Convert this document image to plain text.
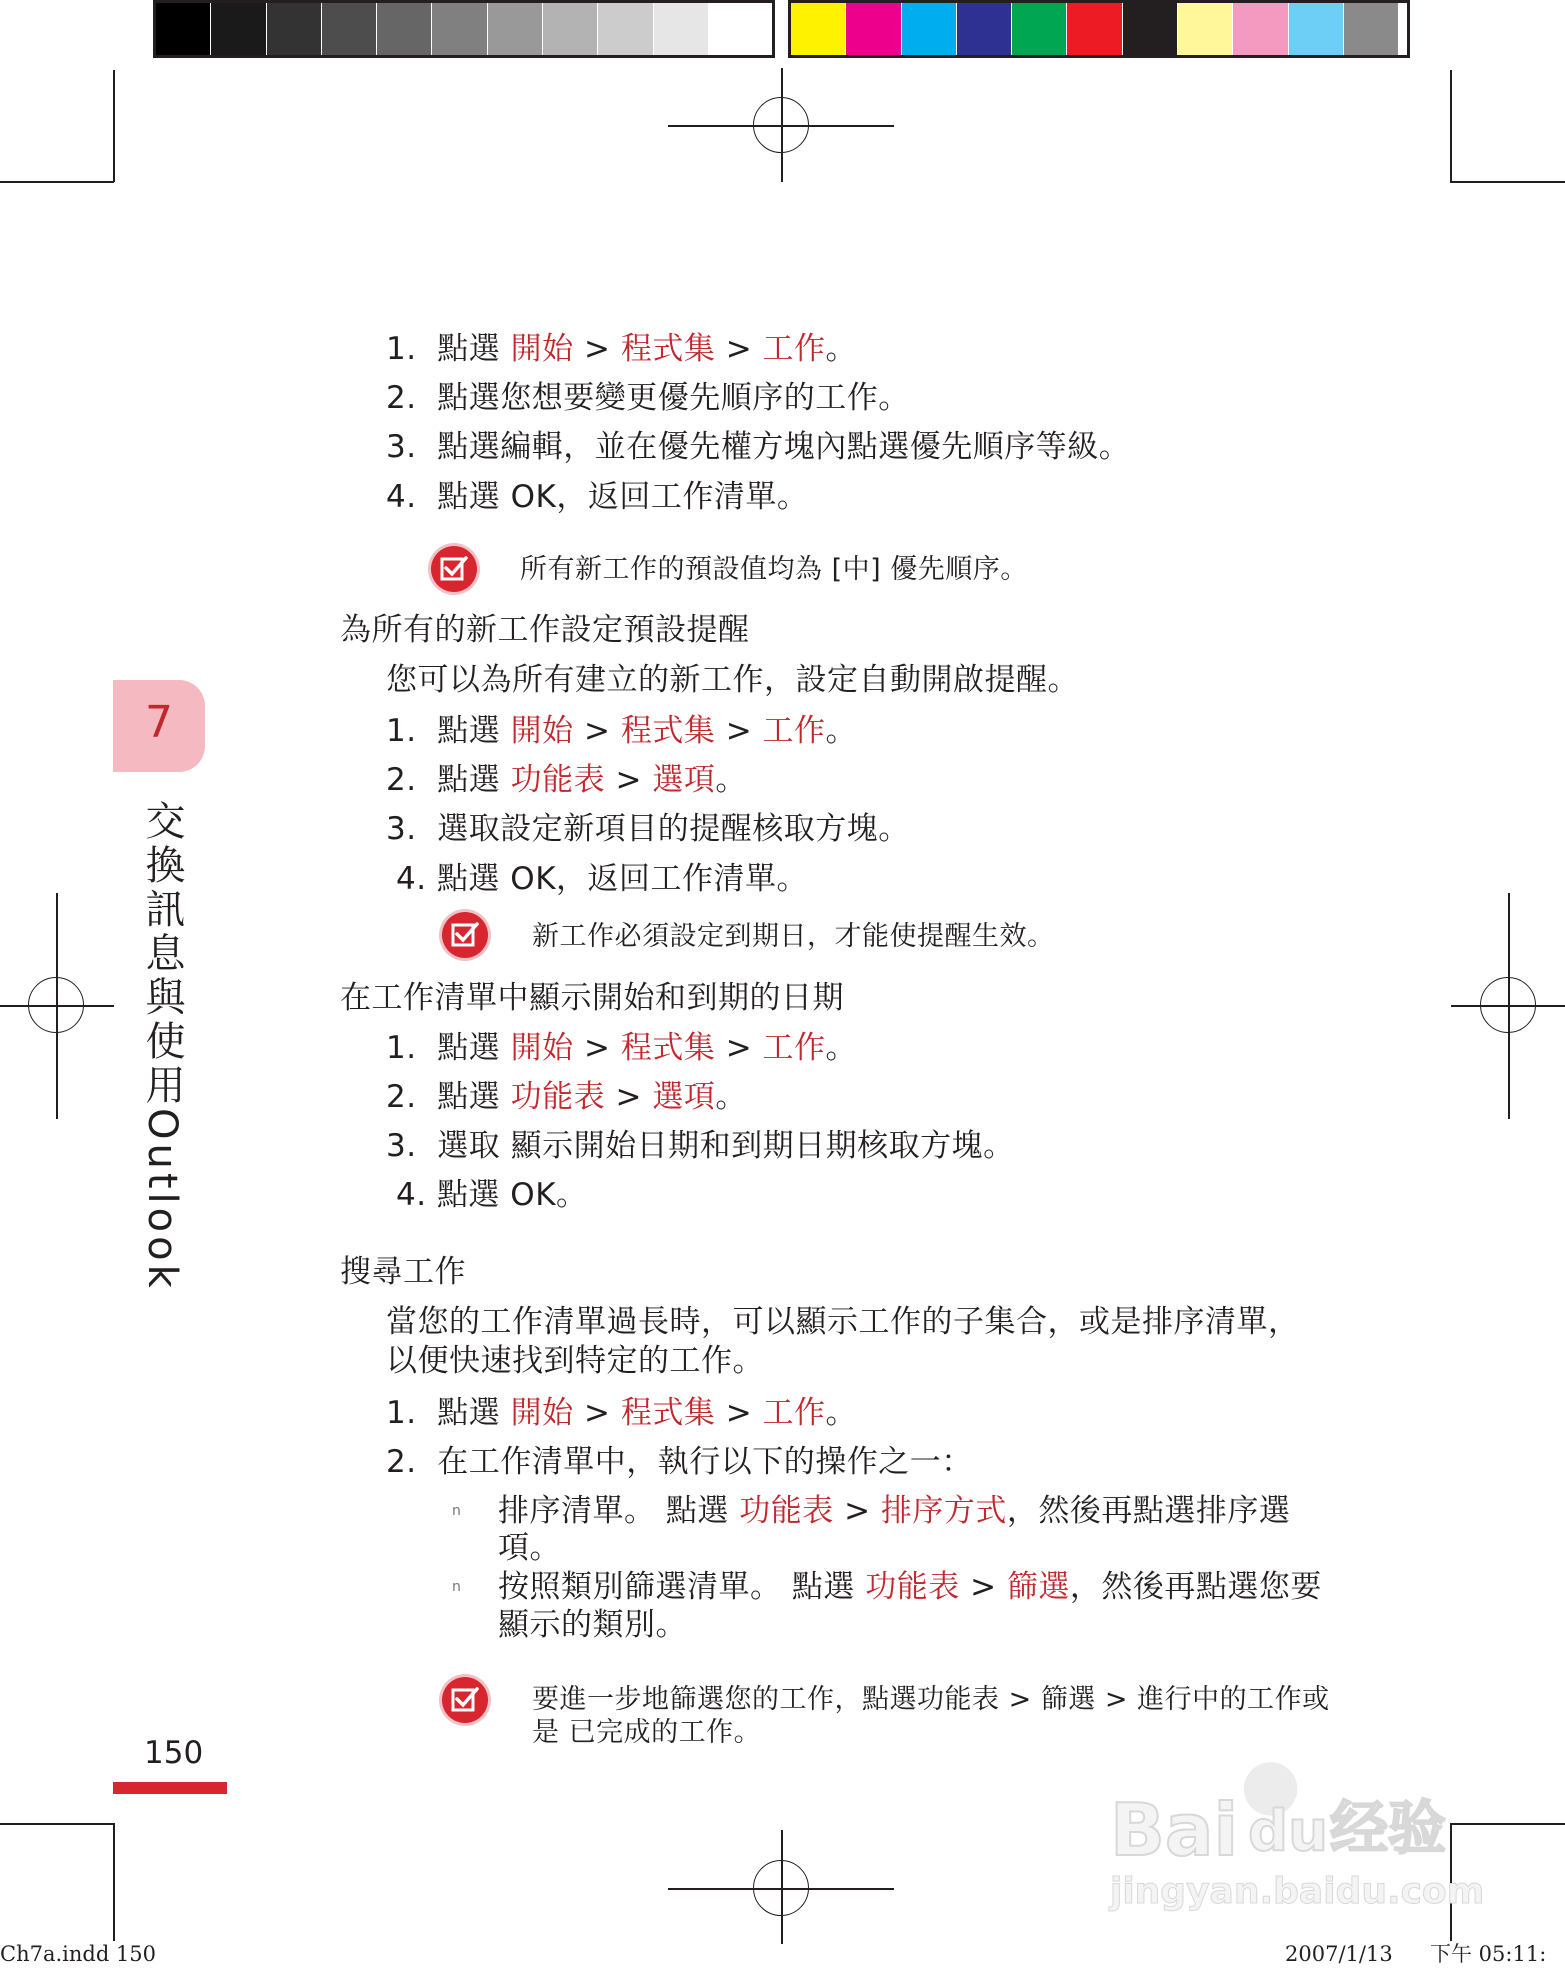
7
交換訊息與使用Outlook
1. 點選 開始 > 程式集 > 工作。
2. 點選您想要變更優先順序的工作。
3. 點選編輯，並在優先權方塊內點選優先順序等級。
4. 點選 OK，返回工作清單。
所有新工作的預設值均為 [中] 優先順序。
為所有的新工作設定預設提醒
您可以為所有建立的新工作，設定自動開啟提醒。
1. 點選 開始 > 程式集 > 工作。
2. 點選 功能表 > 選項。
3. 選取設定新項目的提醒核取方塊。
4. 點選 OK，返回工作清單。
新工作必須設定到期日，才能使提醒生效。
在工作清單中顯示開始和到期的日期
1. 點選 開始 > 程式集 > 工作。
2. 點選 功能表 > 選項。
3. 選取 顯示開始日期和到期日期核取方塊。
4. 點選 OK。
搜尋工作
當您的工作清單過長時，可以顯示工作的子集合，或是排序清單，
以便快速找到特定的工作。
1. 點選 開始 > 程式集 > 工作。
2. 在工作清單中，執行以下的操作之一：
n 排序清單。 點選 功能表 > 排序方式，然後再點選排序選
項。
n 按照類別篩選清單。 點選 功能表 > 篩選，然後再點選您要
顯示的類別。
要進一步地篩選您的工作，點選功能表 > 篩選 > 進行中的工作或
是 已完成的工作。
150	●
Bai du 经验
jingyan.baidu.com
Ch7a.indd 150	2007/1/13 下午 05:11:
